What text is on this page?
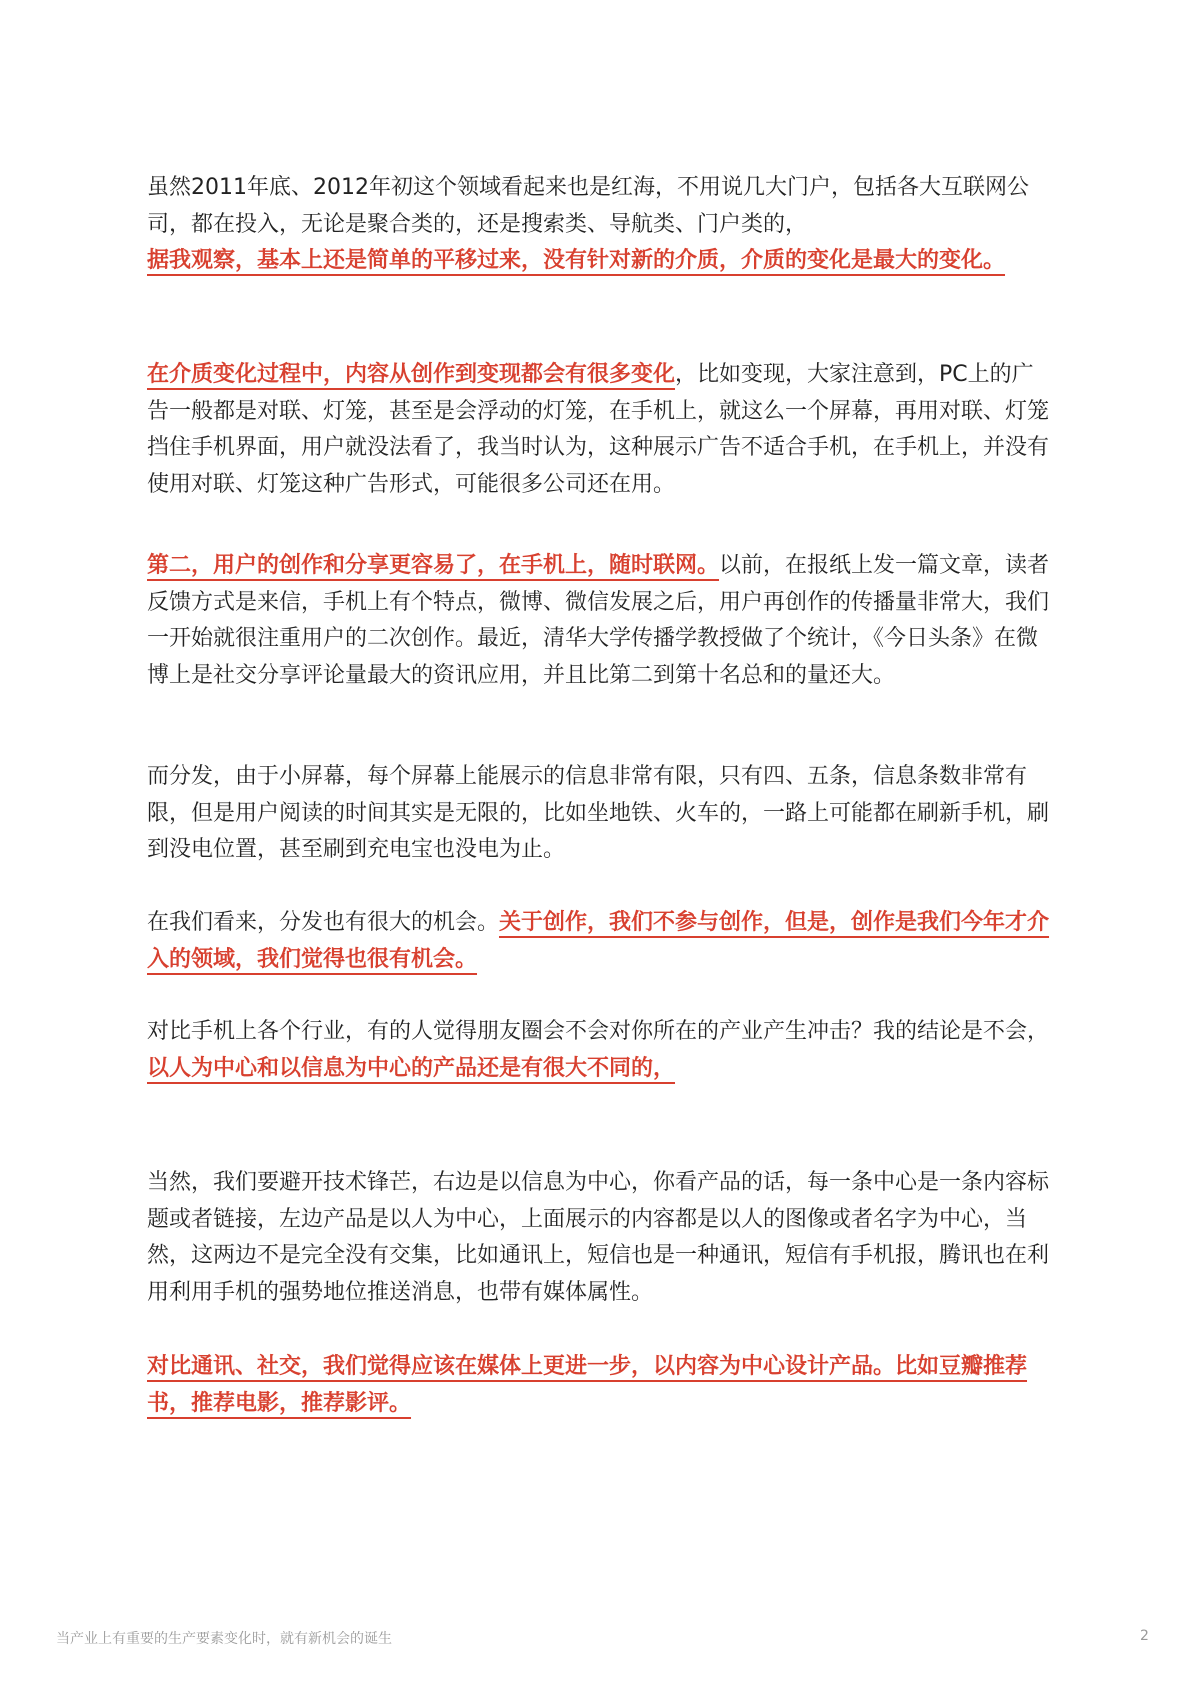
虽然2011年底、2012年初这个领域看起来也是红海，不用说几大门户，包括各大互联网公司，都在投入，无论是聚合类的，还是搜索类、导航类、门户类的，
据我观察，基本上还是简单的平移过来，没有针对新的介质，介质的变化是最大的变化。

在介质变化过程中，内容从创作到变现都会有很多变化，比如变现，大家注意到，PC上的广告一般都是对联、灯笼，甚至是会浮动的灯笼，在手机上，就这么一个屏幕，再用对联、灯笼挡住手机界面，用户就没法看了，我当时认为，这种展示广告不适合手机，在手机上，并没有使用对联、灯笼这种广告形式，可能很多公司还在用。

第二，用户的创作和分享更容易了，在手机上，随时联网。以前，在报纸上发一篇文章，读者反馈方式是来信，手机上有个特点，微博、微信发展之后，用户再创作的传播量非常大，我们一开始就很注重用户的二次创作。最近，清华大学传播学教授做了个统计，《今日头条》在微博上是社交分享评论量最大的资讯应用，并且比第二到第十名总和的量还大。

而分发，由于小屏幕，每个屏幕上能展示的信息非常有限，只有四、五条，信息条数非常有限，但是用户阅读的时间其实是无限的，比如坐地铁、火车的，一路上可能都在刷新手机，刷到没电位置，甚至刷到充电宝也没电为止。

在我们看来，分发也有很大的机会。关于创作，我们不参与创作，但是，创作是我们今年才介入的领域，我们觉得也很有机会。

对比手机上各个行业，有的人觉得朋友圈会不会对你所在的产业产生冲击？我的结论是不会，
以人为中心和以信息为中心的产品还是有很大不同的，

当然，我们要避开技术锋芒，右边是以信息为中心，你看产品的话，每一条中心是一条内容标题或者链接，左边产品是以人为中心，上面展示的内容都是以人的图像或者名字为中心，当然，这两边不是完全没有交集，比如通讯上，短信也是一种通讯，短信有手机报，腾讯也在利用利用手机的强势地位推送消息，也带有媒体属性。

对比通讯、社交，我们觉得应该在媒体上更进一步，以内容为中心设计产品。比如豆瓣推荐书，推荐电影，推荐影评。

当产业上有重要的生产要素变化时，就有新机会的诞生	2
